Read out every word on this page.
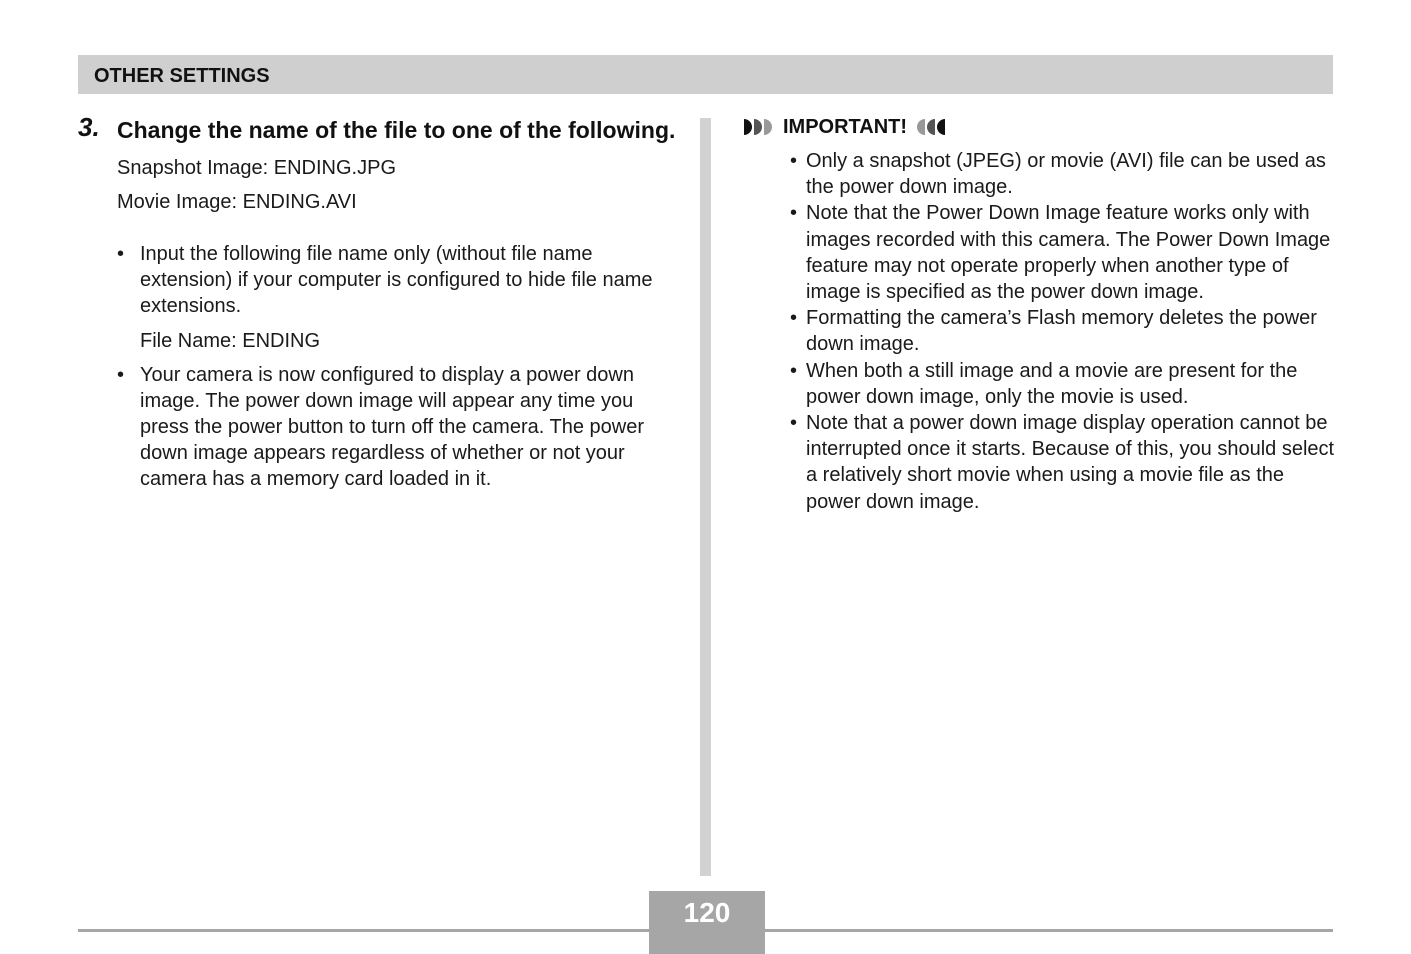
OTHER SETTINGS
3. Change the name of the file to one of the following.
Snapshot Image: ENDING.JPG
Movie Image: ENDING.AVI
• Input the following file name only (without file name extension) if your computer is configured to hide file name extensions.
File Name: ENDING
• Your camera is now configured to display a power down image. The power down image will appear any time you press the power button to turn off the camera. The power down image appears regardless of whether or not your camera has a memory card loaded in it.
IMPORTANT!
• Only a snapshot (JPEG) or movie (AVI) file can be used as the power down image.
• Note that the Power Down Image feature works only with images recorded with this camera. The Power Down Image feature may not operate properly when another type of image is specified as the power down image.
• Formatting the camera’s Flash memory deletes the power down image.
• When both a still image and a movie are present for the power down image, only the movie is used.
• Note that a power down image display operation cannot be interrupted once it starts. Because of this, you should select a relatively short movie when using a movie file as the power down image.
120
